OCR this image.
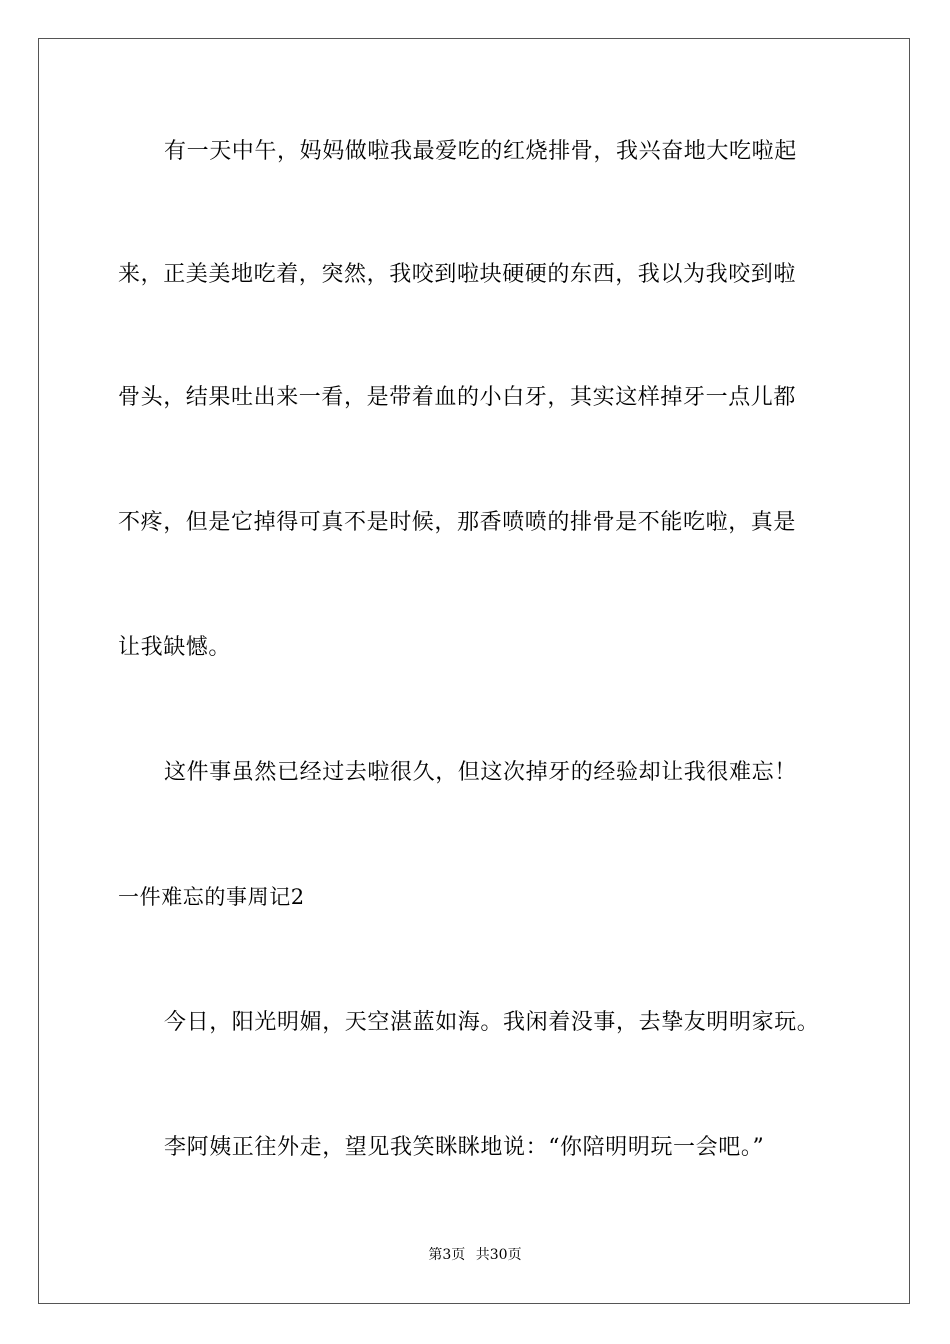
有一天中午，妈妈做啦我最爱吃的红烧排骨，我兴奋地大吃啦起
来，正美美地吃着，突然，我咬到啦块硬硬的东西，我以为我咬到啦
骨头，结果吐出来一看，是带着血的小白牙，其实这样掉牙一点儿都
不疼，但是它掉得可真不是时候，那香喷喷的排骨是不能吃啦，真是
让我缺憾。
这件事虽然已经过去啦很久，但这次掉牙的经验却让我很难忘！
一件难忘的事周记2
今日，阳光明媚，天空湛蓝如海。我闲着没事，去挚友明明家玩。
李阿姨正往外走，望见我笑眯眯地说：“你陪明明玩一会吧。”
第3页 共30页
